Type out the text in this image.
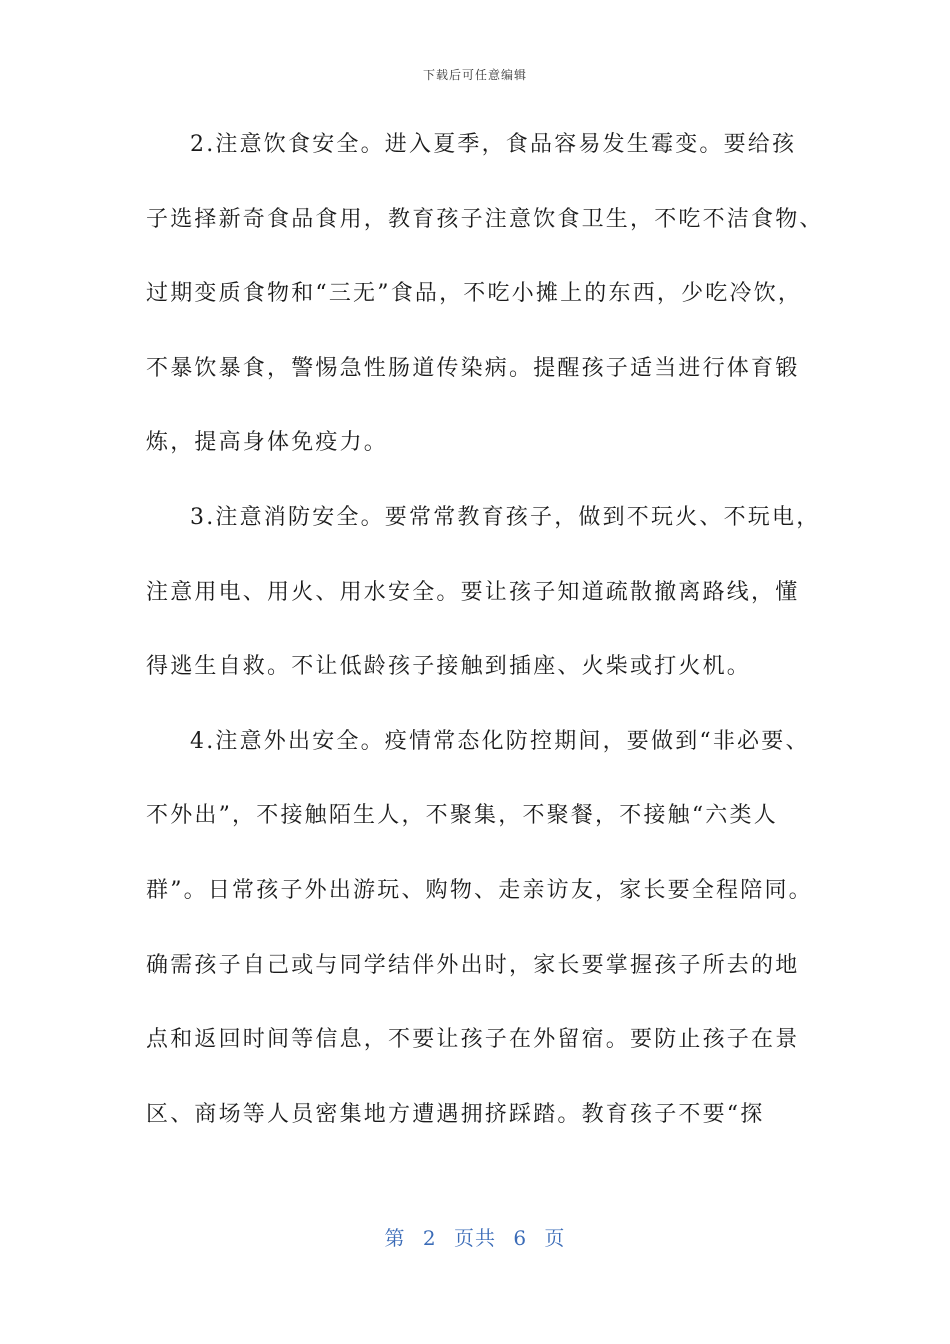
下载后可任意编辑
2.注意饮食安全。进入夏季，食品容易发生霉变。要给孩
子选择新奇食品食用，教育孩子注意饮食卫生，不吃不洁食物、
过期变质食物和“三无”食品，不吃小摊上的东西，少吃冷饮，
不暴饮暴食，警惕急性肠道传染病。提醒孩子适当进行体育锻
炼，提高身体免疫力。
3.注意消防安全。要常常教育孩子，做到不玩火、不玩电，
注意用电、用火、用水安全。要让孩子知道疏散撤离路线，懂
得逃生自救。不让低龄孩子接触到插座、火柴或打火机。
4.注意外出安全。疫情常态化防控期间，要做到“非必要、
不外出”，不接触陌生人，不聚集，不聚餐，不接触“六类人
群”。日常孩子外出游玩、购物、走亲访友，家长要全程陪同。
确需孩子自己或与同学结伴外出时，家长要掌握孩子所去的地
点和返回时间等信息，不要让孩子在外留宿。要防止孩子在景
区、商场等人员密集地方遭遇拥挤踩踏。教育孩子不要“探
第 2 页共 6 页
